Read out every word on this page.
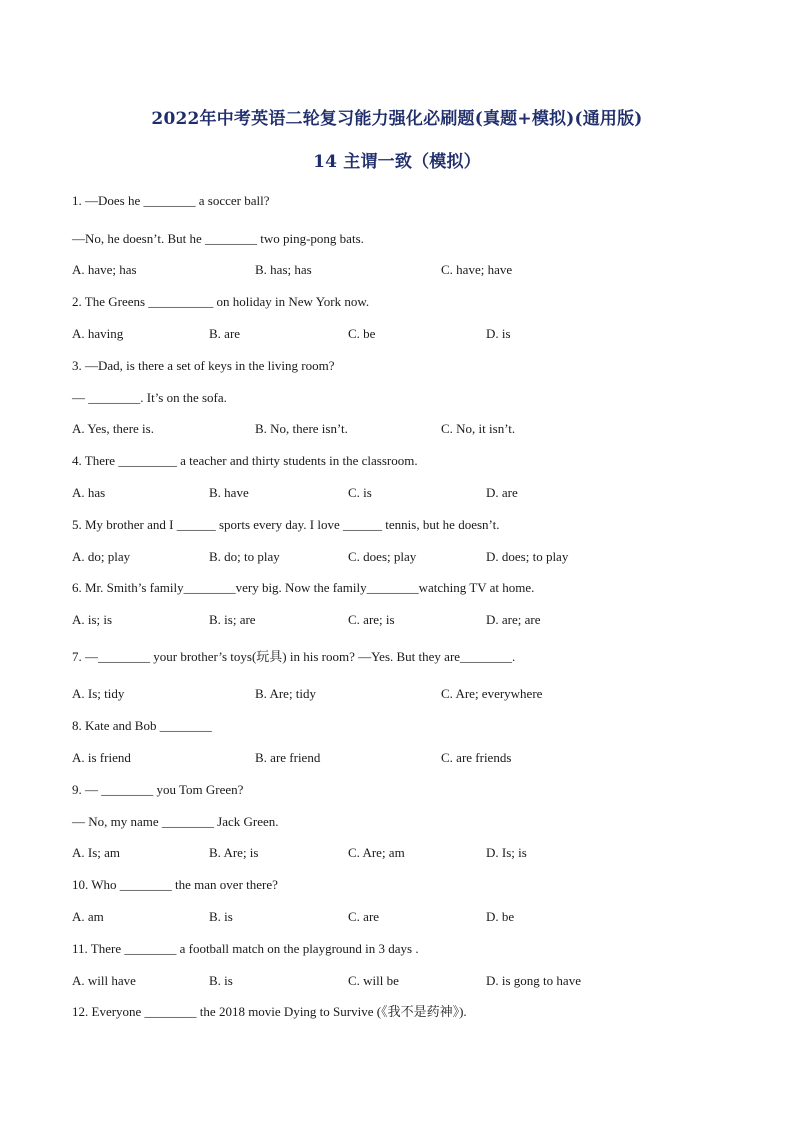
2022年中考英语二轮复习能力强化必刷题(真题+模拟)(通用版)
14 主谓一致（模拟）
1. —Does he ________ a soccer ball?
—No, he doesn’t. But he ________ two ping-pong bats.
A. have; has	B. has; has	C. have; have
2. The Greens __________ on holiday in New York now.
A. having	B. are	C. be	D. is
3. —Dad, is there a set of keys in the living room?
— ________. It’s on the sofa.
A. Yes, there is.	B. No, there isn’t.	C. No, it isn’t.
4. There _________ a teacher and thirty students in the classroom.
A. has	B. have	C. is	D. are
5. My brother and I ______ sports every day. I love ______ tennis, but he doesn’t.
A. do; play	B. do; to play	C. does; play	D. does; to play
6. Mr. Smith’s family________very big. Now the family________watching TV at home.
A. is; is	B. is; are	C. are; is	D. are; are
7. —________ your brother’s toys(玩具) in his room? —Yes. But they are________.
A. Is; tidy	B. Are; tidy	C. Are; everywhere
8. Kate and Bob ________
A. is friend	B. are friend	C. are friends
9. — ________ you Tom Green?
— No, my name ________ Jack Green.
A. Is; am	B. Are; is	C. Are; am	D. Is; is
10. Who ________ the man over there?
A. am	B. is	C. are	D. be
11. There ________ a football match on the playground in 3 days .
A. will have	B. is	C. will be	D. is gong to have
12. Everyone ________ the 2018 movie Dying to Survive (《我不是药神》).
